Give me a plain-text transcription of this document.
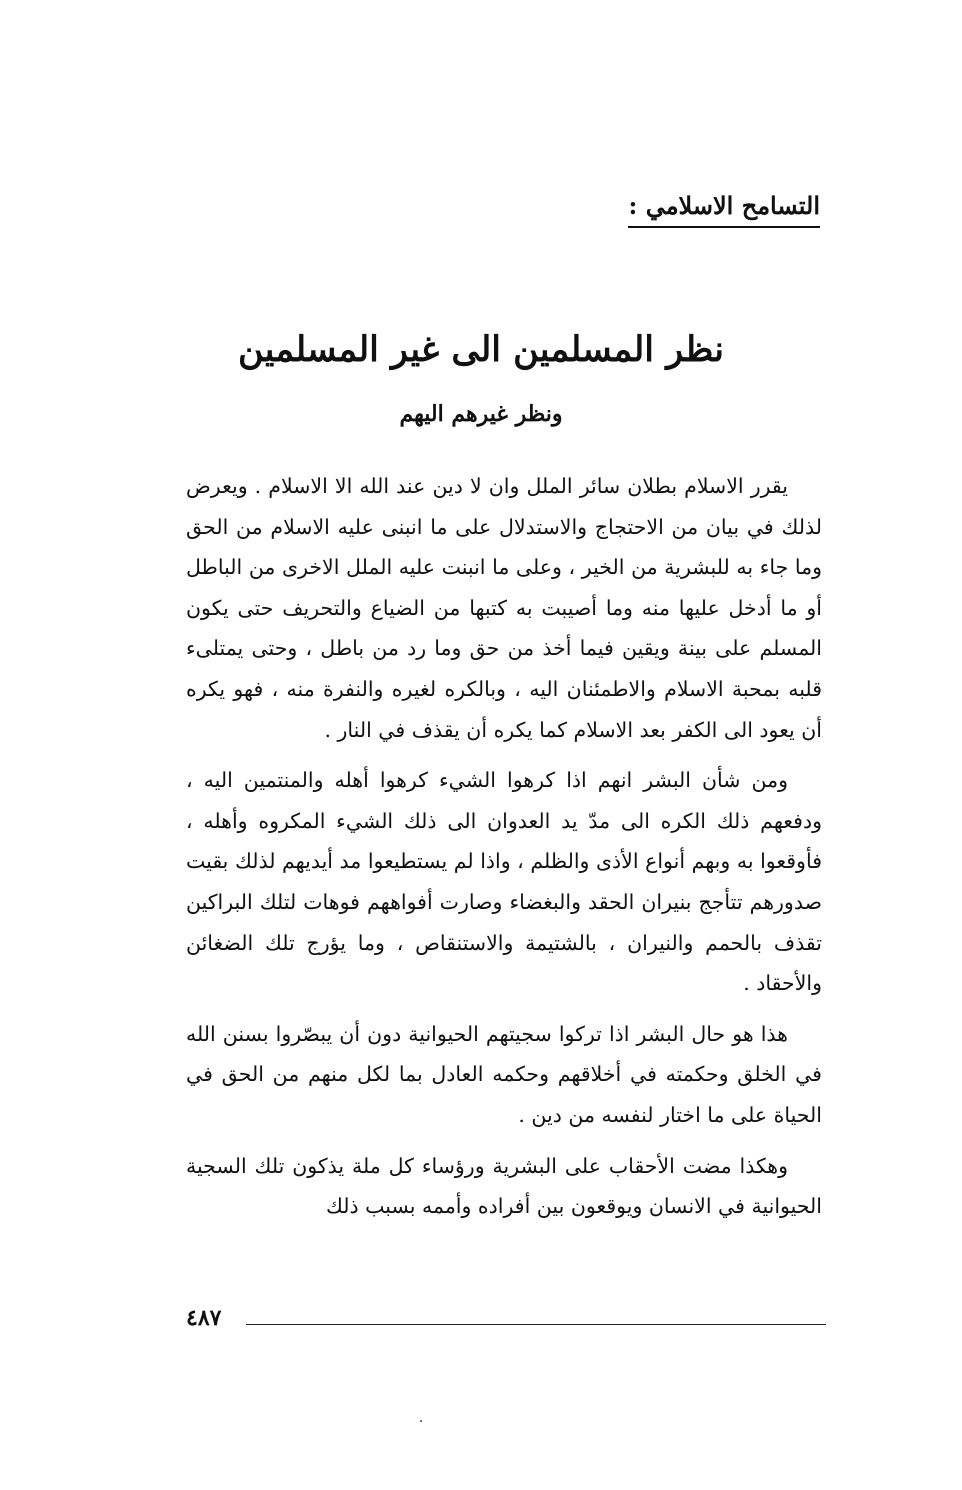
التسامح الاسلامي :
نظر المسلمين الى غير المسلمين
ونظر غيرهم اليهم

يقرر الاسلام بطلان سائر الملل وان لا دين عند الله الا الاسلام . ويعرض لذلك في بيان من الاحتجاج والاستدلال على ما انبنى عليه الاسلام من الحق وما جاء به للبشرية من الخير ، وعلى ما انبنت عليه الملل الاخرى من الباطل أو ما أدخل عليها منه وما أصيبت به كتبها من الضياع والتحريف حتى يكون المسلم على بينة ويقين فيما أخذ من حق وما رد من باطل ، وحتى يمتلىء قلبه بمحبة الاسلام والاطمئنان اليه ، وبالكره لغيره والنفرة منه ، فهو يكره أن يعود الى الكفر بعد الاسلام كما يكره أن يقذف في النار .

ومن شأن البشر انهم اذا كرهوا الشيء كرهوا أهله والمنتمين اليه ، ودفعهم ذلك الكره الى مدّ يد العدوان الى ذلك الشيء المكروه وأهله ، فأوقعوا به وبهم أنواع الأذى والظلم ، واذا لم يستطيعوا مد أيديهم لذلك بقيت صدورهم تتأجج بنيران الحقد والبغضاء وصارت أفواههم فوهات لتلك البراكين تقذف بالحمم والنيران ، بالشتيمة والاستنقاص ، وما يؤرج تلك الضغائن والأحقاد .

هذا هو حال البشر اذا تركوا سجيتهم الحيوانية دون أن يبصّروا بسنن الله في الخلق وحكمته في أخلاقهم وحكمه العادل بما لكل منهم من الحق في الحياة على ما اختار لنفسه من دين .

وهكذا مضت الأحقاب على البشرية ورؤساء كل ملة يذكون تلك السجية الحيوانية في الانسان ويوقعون بين أفراده وأممه بسبب ذلك

٤٨٧
